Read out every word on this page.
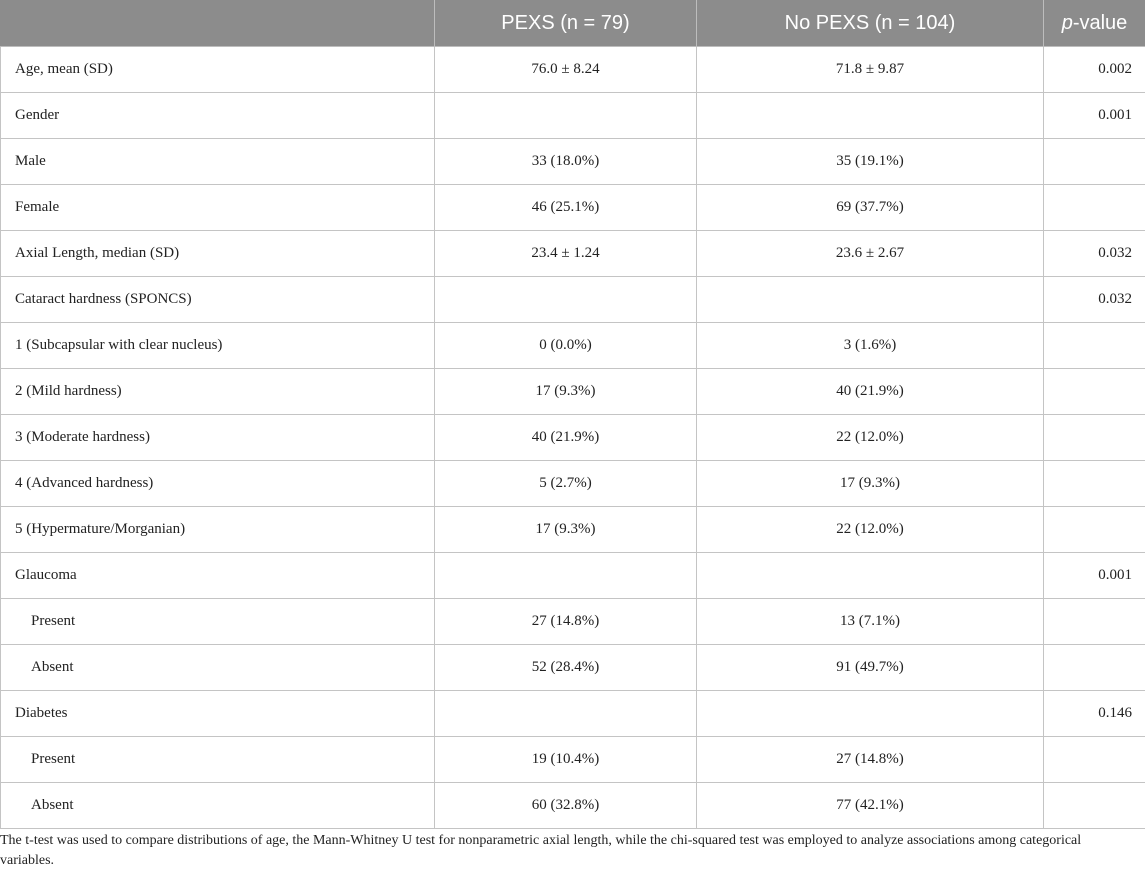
	PEXS (n = 79)	No PEXS (n = 104)	p-value
Age, mean (SD)	76.0 ± 8.24	71.8 ± 9.87	0.002
Gender			0.001
Male	33 (18.0%)	35 (19.1%)	
Female	46 (25.1%)	69 (37.7%)	
Axial Length, median (SD)	23.4 ± 1.24	23.6 ± 2.67	0.032
Cataract hardness (SPONCS)			0.032
1 (Subcapsular with clear nucleus)	0 (0.0%)	3 (1.6%)	
2 (Mild hardness)	17 (9.3%)	40 (21.9%)	
3 (Moderate hardness)	40 (21.9%)	22 (12.0%)	
4 (Advanced hardness)	5 (2.7%)	17 (9.3%)	
5 (Hypermature/Morganian)	17 (9.3%)	22 (12.0%)	
Glaucoma			0.001
Present	27 (14.8%)	13 (7.1%)	
Absent	52 (28.4%)	91 (49.7%)	
Diabetes			0.146
Present	19 (10.4%)	27 (14.8%)	
Absent	60 (32.8%)	77 (42.1%)	

The t-test was used to compare distributions of age, the Mann-Whitney U test for nonparametric axial length, while the chi-squared test was employed to analyze associations among categorical variables.
